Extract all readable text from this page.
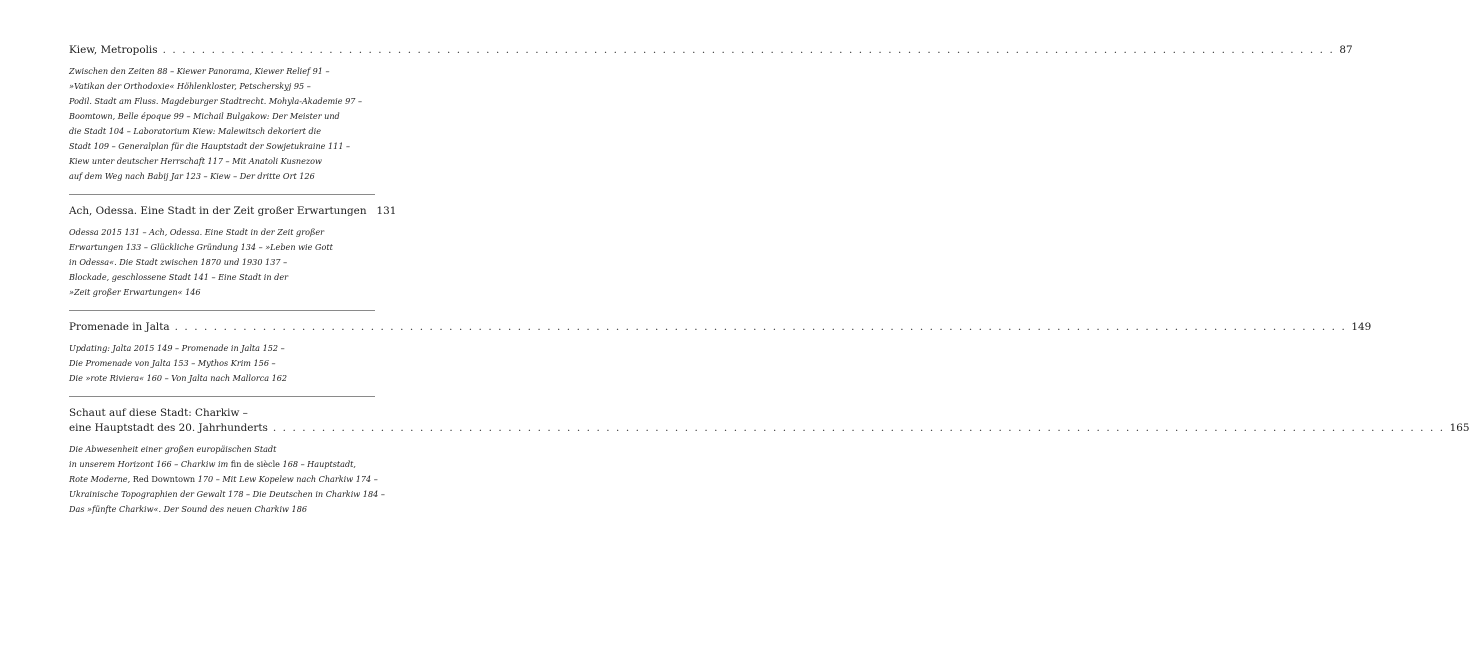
Kiew, Metropolis . . . . . . . . . . . . . . . . . . . . . . . . . . . . . . . . . . . . . . . . . . . . . . . . . . . . . . . . . . . . . . . . . . . . . . . . . . . . . . . . . . . . . . . . . . . . . . . . . . . . . . . . . . . . . . . . . . . . . . . . 87
Zwischen den Zeiten 88 – Kiewer Panorama, Kiewer Relief 91 –
»Vatikan der Orthodoxie« Höhlenkloster, Petscherskyj 95 –
Podil. Stadt am Fluss. Magdeburger Stadtrecht. Mohyla-Akademie 97 –
Boomtown, Belle époque 99 – Michail Bulgakow: Der Meister und
die Stadt 104 – Laboratorium Kiew: Malewitsch dekoriert die
Stadt 109 – Generalplan für die Hauptstadt der Sowjetukraine 111 –
Kiew unter deutscher Herrschaft 117 – Mit Anatoli Kusnezow
auf dem Weg nach Babij Jar 123 – Kiew – Der dritte Ort 126
Ach, Odessa. Eine Stadt in der Zeit großer Erwartungen 131
Odessa 2015 131 – Ach, Odessa. Eine Stadt in der Zeit großer
Erwartungen 133 – Glückliche Gründung 134 – »Leben wie Gott
in Odessa«. Die Stadt zwischen 1870 und 1930 137 –
Blockade, geschlossene Stadt 141 – Eine Stadt in der
»Zeit großer Erwartungen« 146
Promenade in Jalta . . . . . . . . . . . . . . . . . . . . . . . . . . . . . . . . . . . . . . . . . . . . . . . . . . . . . . . . . . . . . . . . . . . . . . . . . . . . . . . . . . . . . . . . . . . . . . . . . . . . . . . . . . . . . . . . . . . . . . . . 149
Updating: Jalta 2015 149 – Promenade in Jalta 152 –
Die Promenade von Jalta 153 – Mythos Krim 156 –
Die »rote Riviera« 160 – Von Jalta nach Mallorca 162
Schaut auf diese Stadt: Charkiw –
eine Hauptstadt des 20. Jahrhunderts . . . . . . . . . . . . . . . . . . . . . . . . . . . . . . . . . . . . . . . . . . . . . . . . . . . . . . . . . . . . . . . . . . . . . . . . . . . . . . . . . . . . . . . . . . . . . . . . . . . . . . . . . . . . . . . . . . . . . . . . 165
Die Abwesenheit einer großen europäischen Stadt
in unserem Horizont 166 – Charkiw im fin de siècle 168 – Hauptstadt,
Rote Moderne, Red Downtown 170 – Mit Lew Kopelew nach Charkiw 174 –
Ukrainische Topographien der Gewalt 178 – Die Deutschen in Charkiw 184 –
Das »fünfte Charkiw«. Der Sound des neuen Charkiw 186
